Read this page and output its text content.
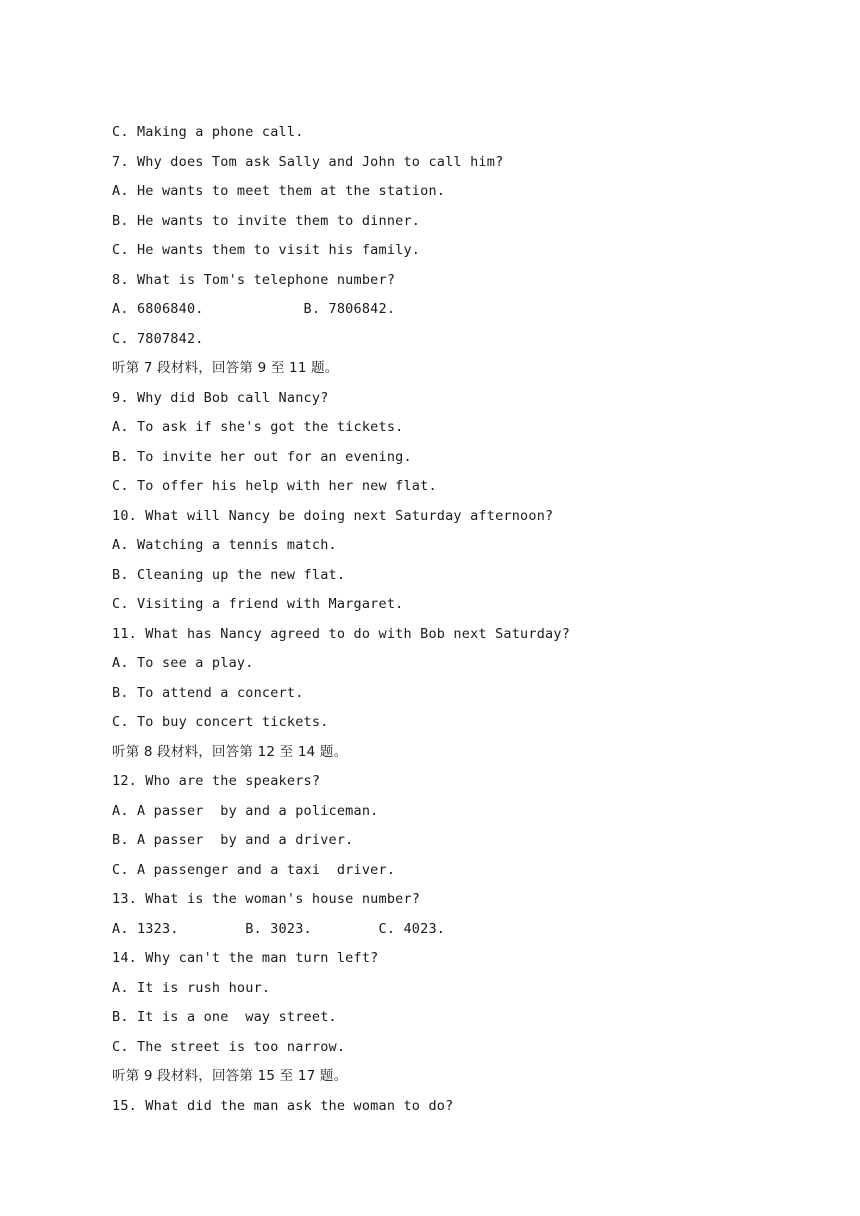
C. Making a phone call.
7. Why does Tom ask Sally and John to call him?
A. He wants to meet them at the station.
B. He wants to invite them to dinner.
C. He wants them to visit his family.
8. What is Tom's telephone number?
A. 6806840.            B. 7806842.
C. 7807842.
听第 7 段材料，回答第 9 至 11 题。
9. Why did Bob call Nancy?
A. To ask if she's got the tickets.
B. To invite her out for an evening.
C. To offer his help with her new flat.
10. What will Nancy be doing next Saturday afternoon?
A. Watching a tennis match.
B. Cleaning up the new flat.
C. Visiting a friend with Margaret.
11. What has Nancy agreed to do with Bob next Saturday?
A. To see a play.
B. To attend a concert.
C. To buy concert tickets.
听第 8 段材料，回答第 12 至 14 题。
12. Who are the speakers?
A. A passer  by and a policeman.
B. A passer  by and a driver.
C. A passenger and a taxi  driver.
13. What is the woman's house number?
A. 1323.        B. 3023.        C. 4023.
14. Why can't the man turn left?
A. It is rush hour.
B. It is a one  way street.
C. The street is too narrow.
听第 9 段材料，回答第 15 至 17 题。
15. What did the man ask the woman to do?
